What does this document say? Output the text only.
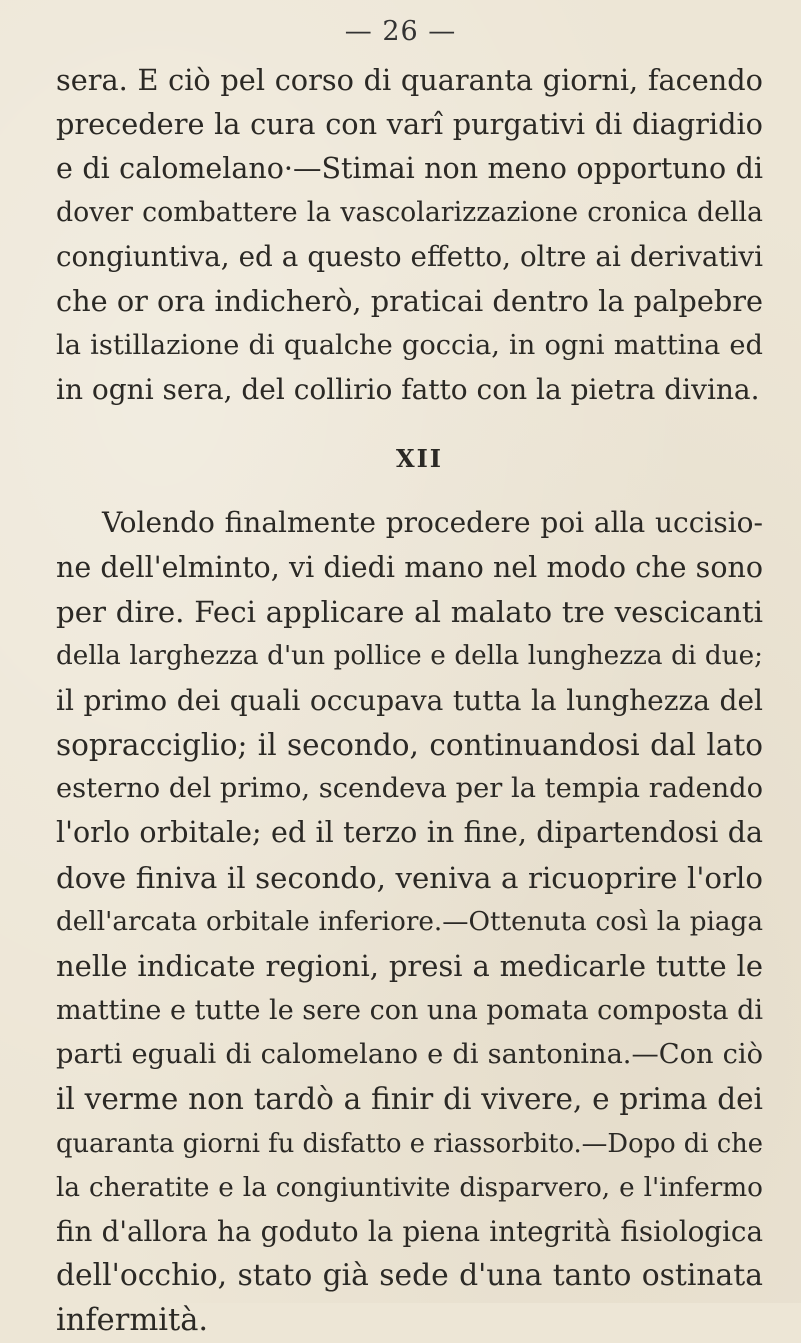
— 26 —
sera. E ciò pel corso di quaranta giorni, facendo
precedere la cura con varî purgativi di diagridio
e di calomelano·—Stimai non meno opportuno di
dover combattere la vascolarizzazione cronica della
congiuntiva, ed a questo effetto, oltre ai derivativi
che or ora indicherò, praticai dentro la palpebre
la istillazione di qualche goccia, in ogni mattina ed
in ogni sera, del collirio fatto con la pietra divina.
XII
Volendo finalmente procedere poi alla uccisio-
ne dell'elminto, vi diedi mano nel modo che sono
per dire. Feci applicare al malato tre vescicanti
della larghezza d'un pollice e della lunghezza di due;
il primo dei quali occupava tutta la lunghezza del
sopracciglio; il secondo, continuandosi dal lato
esterno del primo, scendeva per la tempia radendo
l'orlo orbitale; ed il terzo in fine, dipartendosi da
dove finiva il secondo, veniva a ricuoprire l'orlo
dell'arcata orbitale inferiore.—Ottenuta così la piaga
nelle indicate regioni, presi a medicarle tutte le
mattine e tutte le sere con una pomata composta di
parti eguali di calomelano e di santonina.—Con ciò
il verme non tardò a finir di vivere, e prima dei
quaranta giorni fu disfatto e riassorbito.—Dopo di che
la cheratite e la congiuntivite disparvero, e l'infermo
fin d'allora ha goduto la piena integrità fisiologica
dell'occhio, stato già sede d'una tanto ostinata
infermità.
